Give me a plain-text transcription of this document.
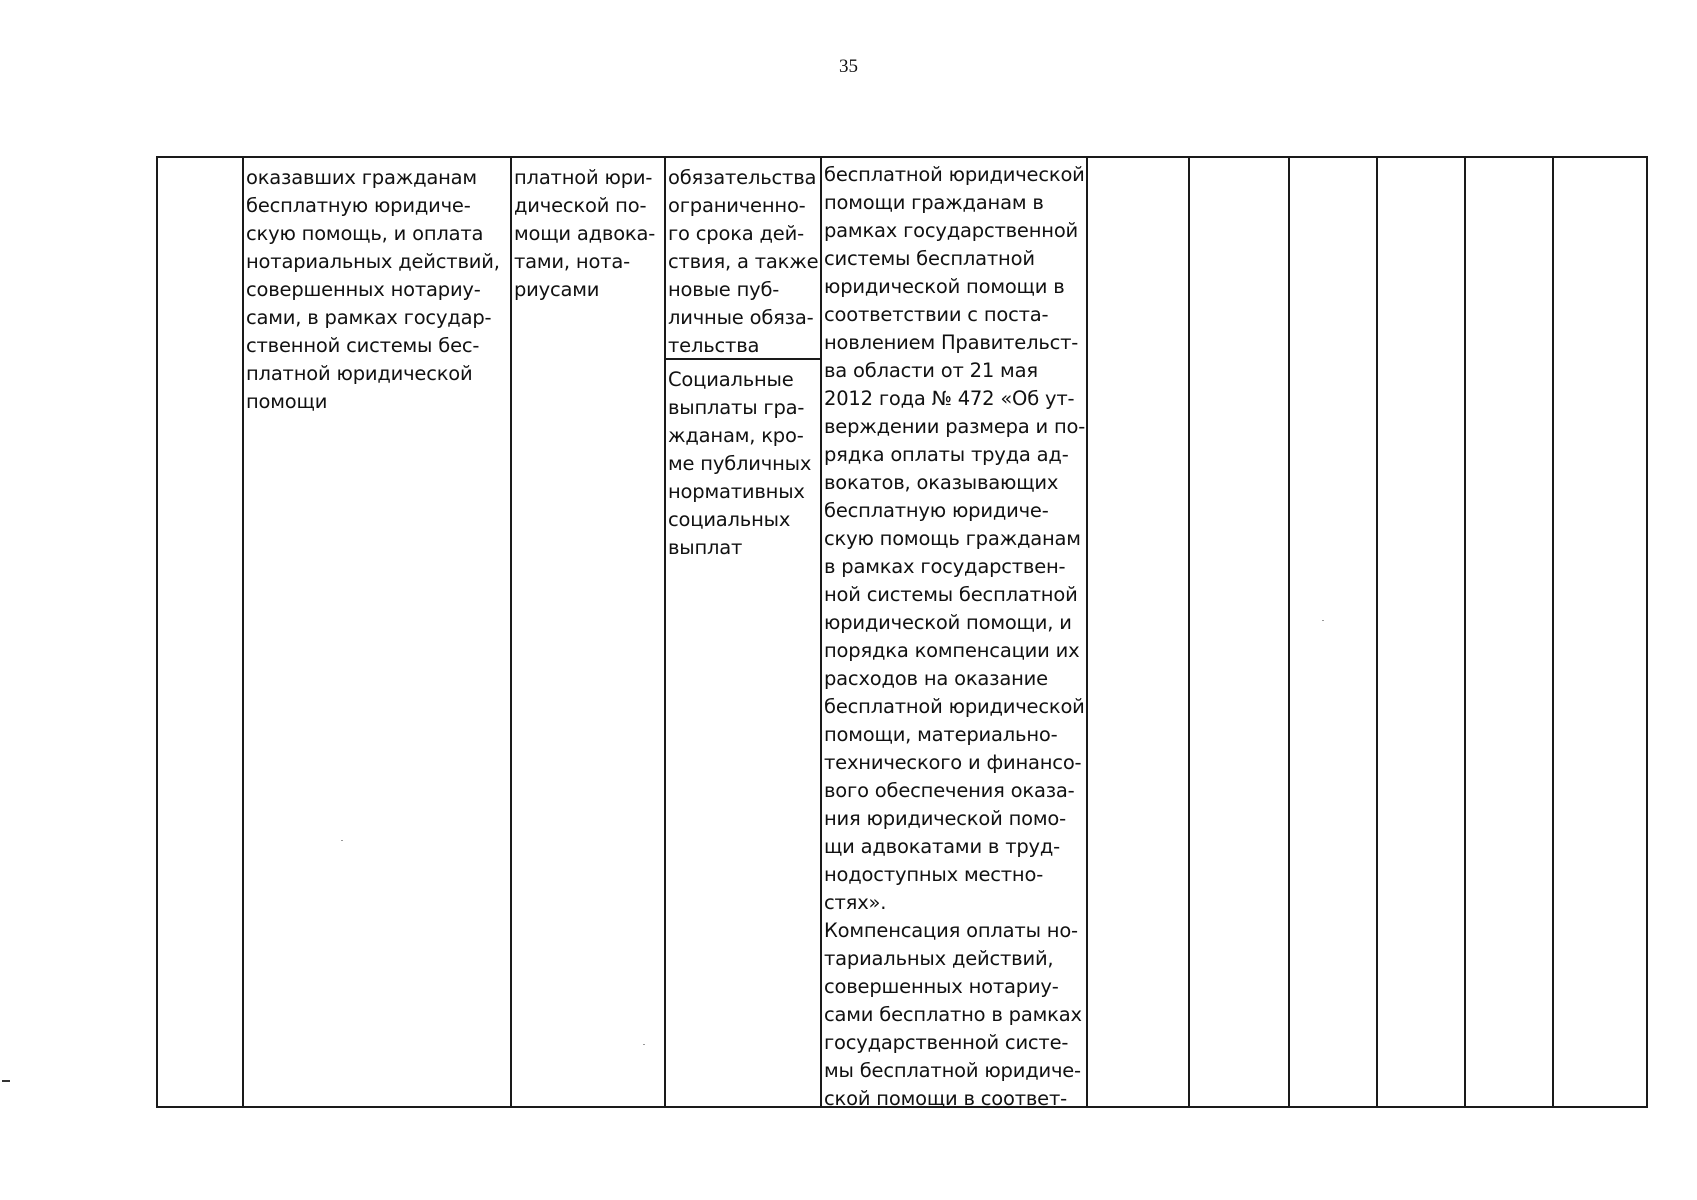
35
оказавших гражданам
бесплатную юридиче-
скую помощь, и оплата
нотариальных действий,
совершенных нотариу-
сами, в рамках государ-
ственной системы бес-
платной юридической
помощи
платной юри-
дической по-
мощи адвока-
тами, нота-
риусами
обязательства
ограниченно-
го срока дей-
ствия, а также
новые пуб-
личные обяза-
тельства
Социальные
выплаты гра-
жданам, кро-
ме публичных
нормативных
социальных
выплат
бесплатной юридической
помощи гражданам в
рамках государственной
системы бесплатной
юридической помощи в
соответствии с поста-
новлением Правительст-
ва области от 21 мая
2012 года № 472 «Об ут-
верждении размера и по-
рядка оплаты труда ад-
вокатов, оказывающих
бесплатную юридиче-
скую помощь гражданам
в рамках государствен-
ной системы бесплатной
юридической помощи, и
порядка компенсации их
расходов на оказание
бесплатной юридической
помощи, материально-
технического и финансо-
вого обеспечения оказа-
ния юридической помо-
щи адвокатами в труд-
нодоступных местно-
стях».
Компенсация оплаты но-
тариальных действий,
совершенных нотариу-
сами бесплатно в рамках
государственной систе-
мы бесплатной юридиче-
ской помощи в соответ-
